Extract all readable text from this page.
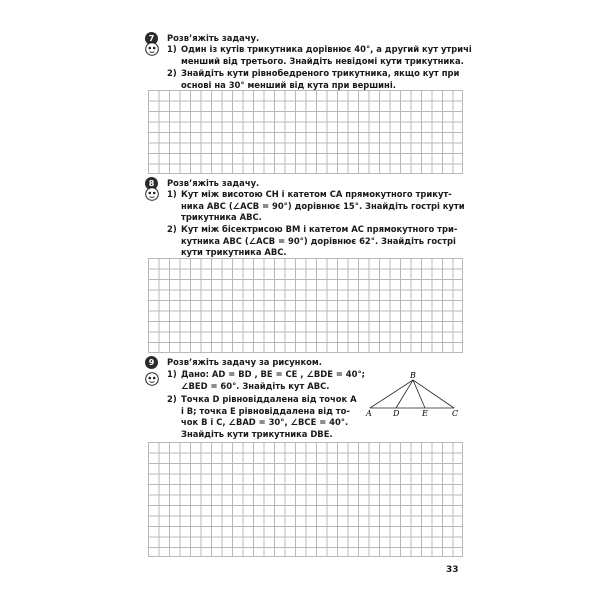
7	Розв’яжіть задачу.
1) Один із кутів трикутника дорівнює 40°, а другий кут утричі
менший від третього. Знайдіть невідомі кути трикутника.
2) Знайдіть кути рівнобедреного трикутника, якщо кут при
основі на 30° менший від кута при вершині.
8	Розв’яжіть задачу.
1) Кут між висотою CH і катетом CA прямокутного трикут-
ника ABC (∠ACB = 90°) дорівнює 15°. Знайдіть гострі кути
трикутника ABC.
2) Кут між бісектрисою BM і катетом AC прямокутного три-
кутника ABC (∠ACB = 90°) дорівнює 62°. Знайдіть гострі
кути трикутника ABC.
9	Розв’яжіть задачу за рисунком.
1) Дано: AD = BD , BE = CE , ∠BDE = 40°;
∠BED = 60°. Знайдіть кут ABC.
2) Точка D рівновіддалена від точок A
і B; точка E рівновіддалена від то-
чок B і C, ∠BAD = 30°, ∠BCE = 40°.
Знайдіть кути трикутника DBE.
B
A	D	E	C
33
